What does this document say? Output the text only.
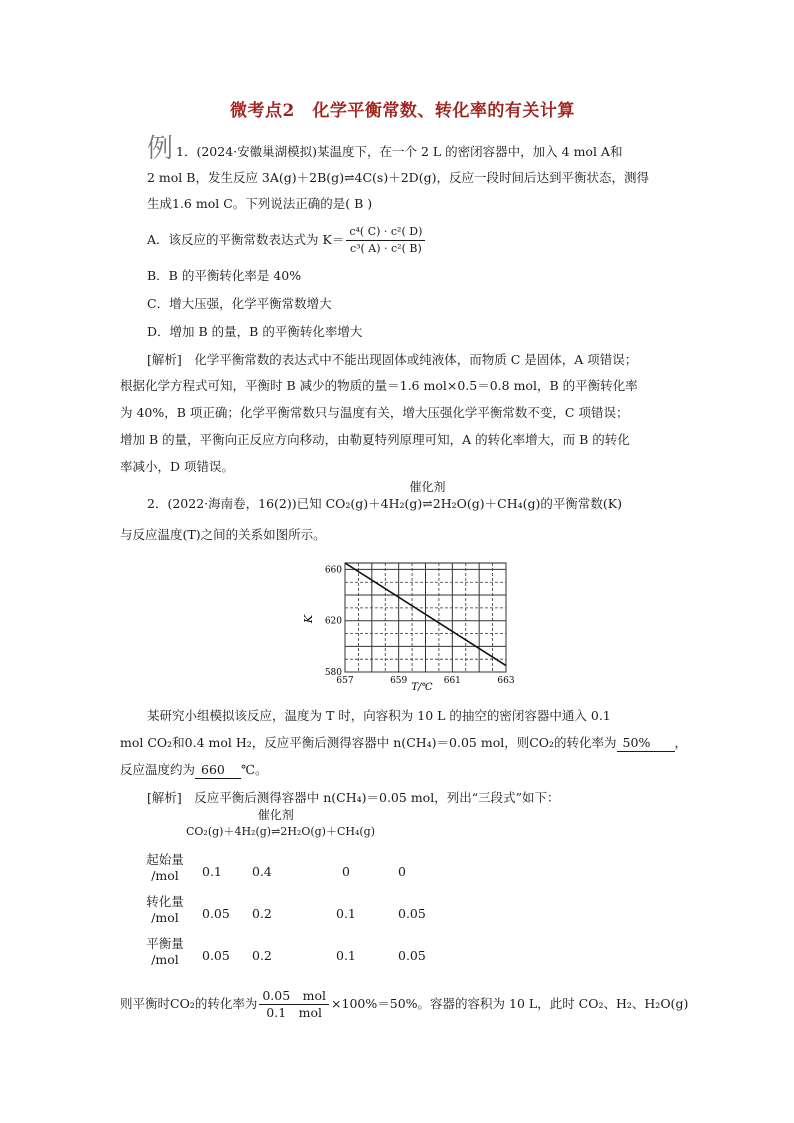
微考点2　化学平衡常数、转化率的有关计算
例 1．(2024·安徽巢湖模拟)某温度下，在一个 2 L 的密闭容器中，加入 4 mol A和
2 mol B，发生反应 3A(g)＋2B(g)⇌4C(s)＋2D(g)，反应一段时间后达到平衡状态，测得
生成1.6 mol C。下列说法正确的是( B )
A．该反应的平衡常数表达式为 $K= \frac{\text{c⁴( C) · c²( D)}}{\text{c³( A) · c²( B)}}$
B．B 的平衡转化率是 40%
C．增大压强，化学平衡常数增大
D．增加 B 的量，B 的平衡转化率增大
[解析]　化学平衡常数的表达式中不能出现固体或纯液体，而物质 C 是固体，A 项错误；
根据化学方程式可知，平衡时 B 减少的物质的量＝1.6 mol×0.5＝0.8 mol，B 的平衡转化率
为 40%，B 项正确；化学平衡常数只与温度有关，增大压强化学平衡常数不变，C 项错误；
增加 B 的量，平衡向正反应方向移动，由勒夏特列原理可知，A 的转化率增大，而 B 的转化
率减小，D 项错误。
2．(2022·海南卷，16(2))已知 CO₂(g)＋4H₂(g)
催化剂
⇌2H₂O(g)＋CH₄(g)的平衡常数(K)
与反应温度(T)之间的关系如图所示。
657	659	661	663
660
620
580
T/℃
K
某研究小组模拟该反应，温度为 T 时，向容积为 10 L 的抽空的密闭容器中通入 0.1
mol CO₂和0.4 mol H₂，反应平衡后测得容器中 n(CH₄)＝0.05 mol，则CO₂的转化率为 50% ，
反应温度约为 660 ℃。
[解析]　反应平衡后测得容器中 n(CH₄)＝0.05 mol，列出“三段式”如下：
CO₂(g)＋4H₂(g)
催化剂
⇌2H₂O(g)＋CH₄(g)
起始量
/mol	0.1 0.4	0	0
转化量
/mol	0.05 0.2	0.1	0.05
平衡量
/mol	0.05 0.2	0.1	0.05
则平衡时CO₂的转化率为 $\frac{\text{0.05　mol}}{\text{0.1　mol}} \times 100\%=50\%$。容器的容积为 10 L，此时 CO₂、H₂、H₂O(g)
